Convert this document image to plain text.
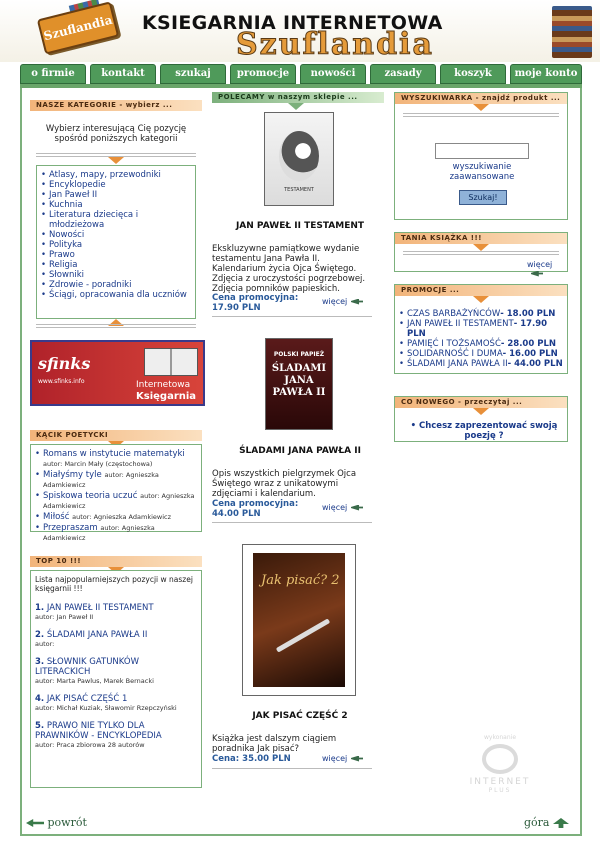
Szuflandia KSIEGARNIA INTERNETOWA
Szuflandia
o firmie	kontakt	szukaj	promocje	nowości	zasady	koszyk	moje konto
NASZE KATEGORIE - wybierz ...
Wybierz interesującą Cię pozycję spośród poniższych kategorii
• Atlasy, mapy, przewodniki
• Encyklopedie
• Jan Paweł II
• Kuchnia
• Literatura dziecięca i młodzieżowa
• Nowości
• Polityka
• Prawo
• Religia
• Słowniki
• Zdrowie - poradniki
• Ściągi, opracowania dla uczniów
sfinks
www.sfinks.info	Internetowa
Księgarnia
KĄCIK POETYCKI
• Romans w instytucie matematyki autor: Marcin Mały (częstochowa)
• Miałyśmy tyle autor: Agnieszka Adamkiewicz
• Spiskowa teoria uczuć autor: Agnieszka Adamkiewicz
• Miłość autor: Agnieszka Adamkiewicz
• Przepraszam autor: Agnieszka Adamkiewicz
TOP 10 !!!
Lista najpopularniejszych pozycji w naszej księgarnii !!!
1. JAN PAWEŁ II TESTAMENT
autor: Jan Paweł II
2. ŚLADAMI JANA PAWŁA II
autor:
3. SŁOWNIK GATUNKÓW LITERACKICH
autor: Marta Pawlus, Marek Bernacki
4. JAK PISAĆ CZĘŚĆ 1
autor: Michał Kuziak, Sławomir Rzepczyński
5. PRAWO NIE TYLKO DLA PRAWNIKÓW - ENCYKLOPEDIA
autor: Praca zbiorowa 28 autorów
POLECAMY w naszym sklepie ...
TESTAMENT
JAN PAWEŁ II TESTAMENT
Ekskluzywne pamiątkowe wydanie testamentu Jana Pawła II. Kalendarium życia Ojca Świętego. Zdjęcia z uroczystości pogrzebowej. Zdjęcia pomników papieskich.
Cena promocyjna:
17.90 PLN
więcej
POLSKI PAPIEŻ
ŚLADAMI JANA PAWŁA II
ŚLADAMI JANA PAWŁA II
Opis wszystkich pielgrzymek Ojca Świętego wraz z unikatowymi zdjęciami i kalendarium.
Cena promocyjna:
44.00 PLN
więcej
Jak pisać? 2
JAK PISAĆ CZĘŚĆ 2
Książka jest dalszym ciągiem poradnika Jak pisać?
Cena: 35.00 PLN	więcej
WYSZUKIWARKA - znajdź produkt ...
wyszukiwanie zaawansowane
Szukaj!
TANIA KSIĄŻKA !!!
więcej
PROMOCJE ...
• CZAS BARBAŻYŃCÓW- 18.00 PLN
• JAN PAWEŁ II TESTAMENT- 17.90 PLN
• PAMIĘĆ I TOŻSAMOŚĆ- 28.00 PLN
• SOLIDARNOŚĆ I DUMA- 16.00 PLN
• ŚLADAMI JANA PAWŁA II- 44.00 PLN
CO NOWEGO - przeczytaj ...
• Chcesz zaprezentować swoją poezję ?
wykonanie
INTERNET
PLUS
powrót	góra
